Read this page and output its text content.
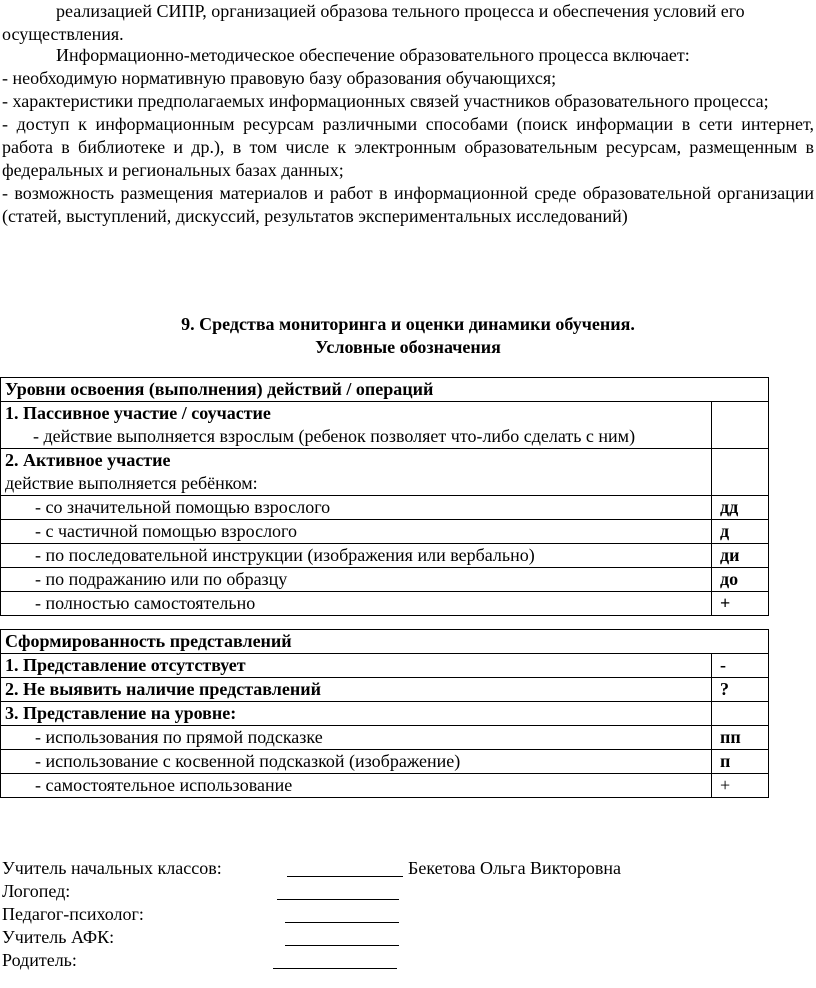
реализацией СИПР, организацией образова тельного процесса и обеспечения условий его осуществления.

Информационно-методическое обеспечение образовательного процесса включает:

- необходимую нормативную правовую базу образования обучающихся;

- характеристики предполагаемых информационных связей участников образовательного процесса;

- доступ к информационным ресурсам различными способами (поиск информации в сети интернет, работа в библиотеке и др.), в том числе к электронным образовательным ресурсам, размещенным в федеральных и региональных базах данных;

- возможность размещения материалов и работ в информационной среде образовательной организации (статей, выступлений, дискуссий, результатов экспериментальных исследований)

9. Средства мониторинга и оценки динамики обучения.

Условные обозначения

Уровни освоения (выполнения) действий / операций	

1. Пассивное участие / соучастие
- действие выполняется взрослым (ребенок позволяет что-либо сделать с ним)	

2. Активное участие
действие выполняется ребёнком:	

- со значительной помощью взрослого	дд
- с частичной помощью взрослого	д
- по последовательной инструкции (изображения или вербально)	ди
- по подражанию или по образцу	до
- полностью самостоятельно	+
Сформированность представлений	
1. Представление отсутствует	-
2. Не выявить наличие представлений	?
3. Представление на уровне:	
- использования по прямой подсказке	пп
- использование с косвенной подсказкой (изображение)	п
- самостоятельное использование	+

Учитель начальных классов:	Бекетова Ольга Викторовна

Логопед:

Педагог-психолог:

Учитель АФК:

Родитель:
